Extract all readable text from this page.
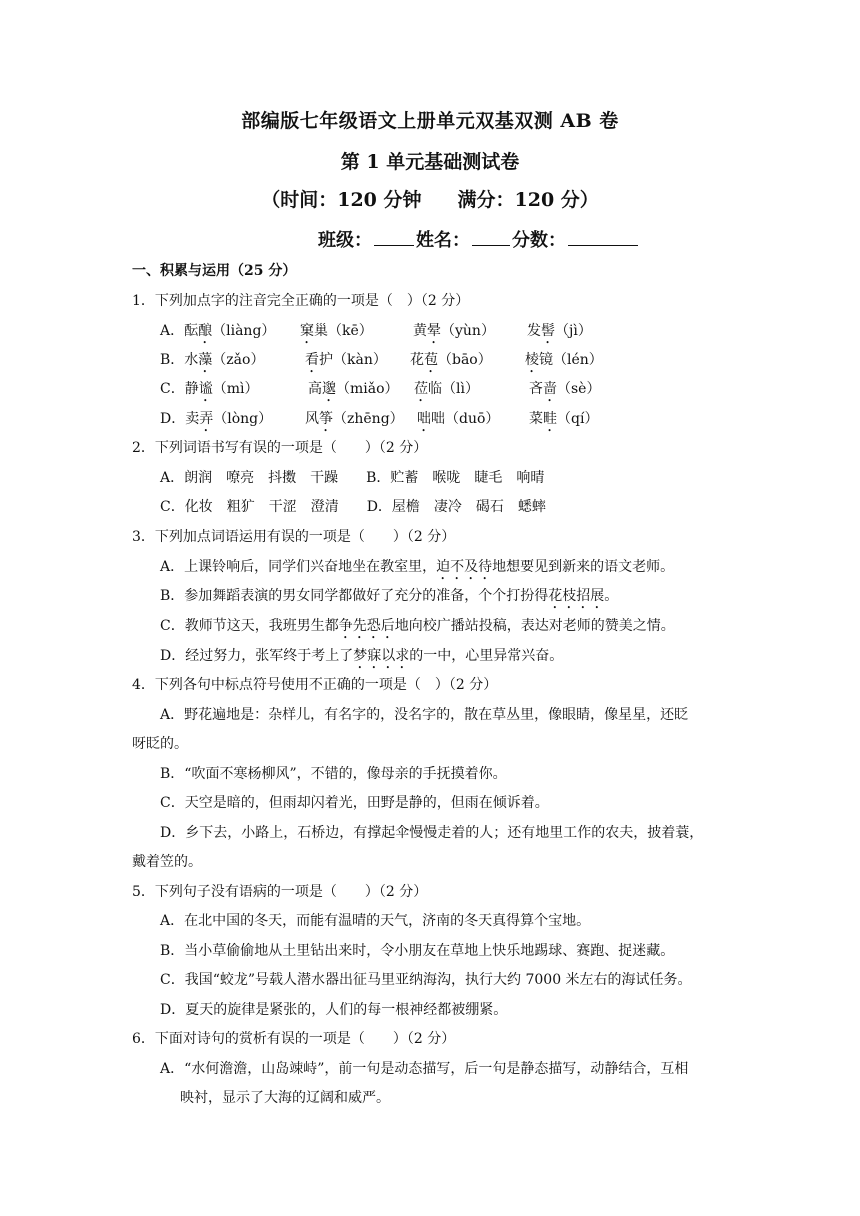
部编版七年级语文上册单元双基双测 AB 卷
第 1 单元基础测试卷
（时间：120 分钟 满分：120 分）
班级： 姓名： 分数：
一、积累与运用（25 分）
1．下列加点字的注音完全正确的一项是（　）（2 分）
A．酝酿（liàng） 窠巢（kē）	黄晕（yùn） 发髻（jì）
B．水藻（zǎo）	看护（kàn） 花苞（bāo） 棱镜（lén）
C．静谧（mì）	高邈（miǎo） 莅临（lì）	吝啬（sè）
D．卖弄（lòng） 风筝（zhēng） 咄咄（duō） 菜畦（qí）
2．下列词语书写有误的一项是（　　）（2 分）
A．朗润　嘹亮　抖擞　干躁　　B．贮蓄　喉咙　睫毛　响晴
C．化妆　粗犷　干涩　澄清　　D．屋檐　凄冷　碣石　蟋蟀
3．下列加点词语运用有误的一项是（　　）（2 分）
A．上课铃响后，同学们兴奋地坐在教室里，迫不及待地想要见到新来的语文老师。
B．参加舞蹈表演的男女同学都做好了充分的准备，个个打扮得花枝招展。
C．教师节这天，我班男生都争先恐后地向校广播站投稿，表达对老师的赞美之情。
D．经过努力，张军终于考上了梦寐以求的一中，心里异常兴奋。
4．下列各句中标点符号使用不正确的一项是（　）（2 分）
A．野花遍地是：杂样儿，有名字的，没名字的，散在草丛里，像眼睛，像星星，还眨
呀眨的。
B．“吹面不寒杨柳风”，不错的，像母亲的手抚摸着你。
C．天空是暗的，但雨却闪着光，田野是静的，但雨在倾诉着。
D．乡下去，小路上，石桥边，有撑起伞慢慢走着的人；还有地里工作的农夫，披着蓑，
戴着笠的。
5．下列句子没有语病的一项是（　　）（2 分）
A．在北中国的冬天，而能有温晴的天气，济南的冬天真得算个宝地。
B．当小草偷偷地从土里钻出来时，令小朋友在草地上快乐地踢球、赛跑、捉迷藏。
C．我国“蛟龙”号载人潜水器出征马里亚纳海沟，执行大约 7000 米左右的海试任务。
D．夏天的旋律是紧张的，人们的每一根神经都被绷紧。
6．下面对诗句的赏析有误的一项是（　　）（2 分）
A．“水何澹澹，山岛竦峙”，前一句是动态描写，后一句是静态描写，动静结合，互相
映衬，显示了大海的辽阔和威严。
